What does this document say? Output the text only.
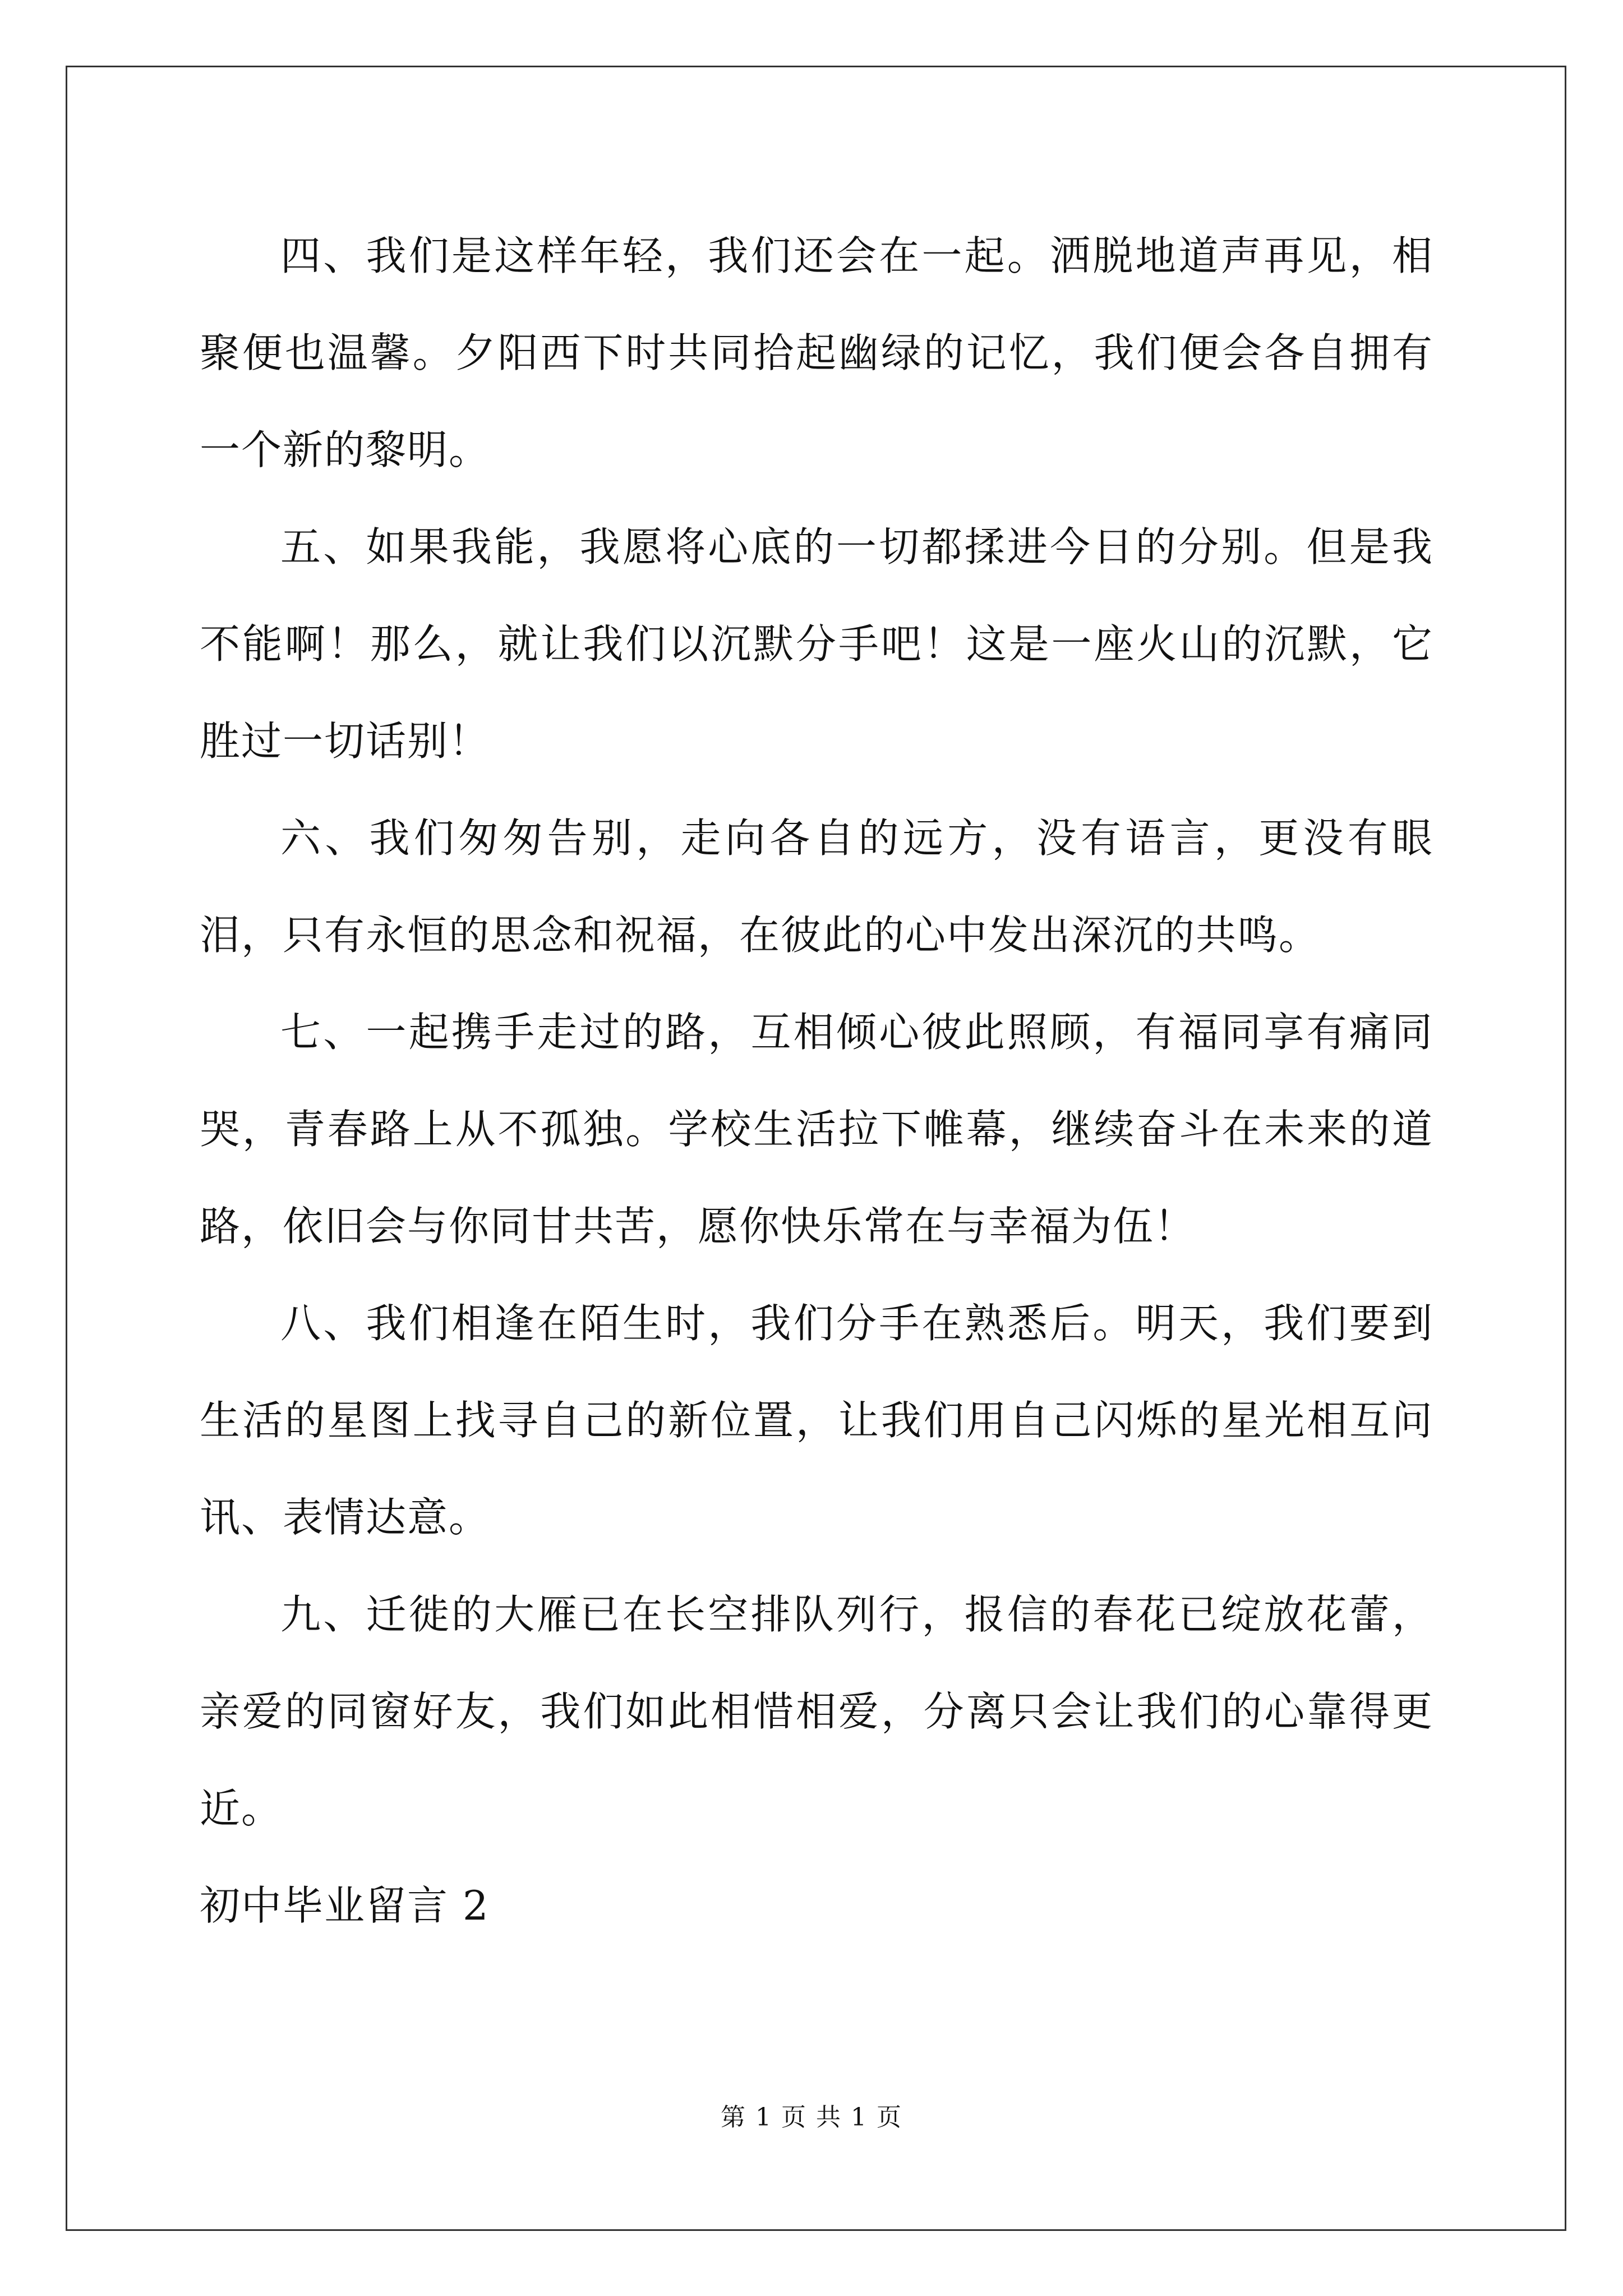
四、我们是这样年轻，我们还会在一起。洒脱地道声再见，相聚便也温馨。夕阳西下时共同拾起幽绿的记忆，我们便会各自拥有一个新的黎明。

五、如果我能，我愿将心底的一切都揉进今日的分别。但是我不能啊！那么，就让我们以沉默分手吧！这是一座火山的沉默，它胜过一切话别！

六、我们匆匆告别，走向各自的远方，没有语言，更没有眼泪，只有永恒的思念和祝福，在彼此的心中发出深沉的共鸣。

七、一起携手走过的路，互相倾心彼此照顾，有福同享有痛同哭，青春路上从不孤独。学校生活拉下帷幕，继续奋斗在未来的道路，依旧会与你同甘共苦，愿你快乐常在与幸福为伍！

八、我们相逢在陌生时，我们分手在熟悉后。明天，我们要到生活的星图上找寻自己的新位置，让我们用自己闪烁的星光相互问讯、表情达意。

九、迁徙的大雁已在长空排队列行，报信的春花已绽放花蕾，亲爱的同窗好友，我们如此相惜相爱，分离只会让我们的心靠得更近。

初中毕业留言 2

第 1 页 共 1 页
